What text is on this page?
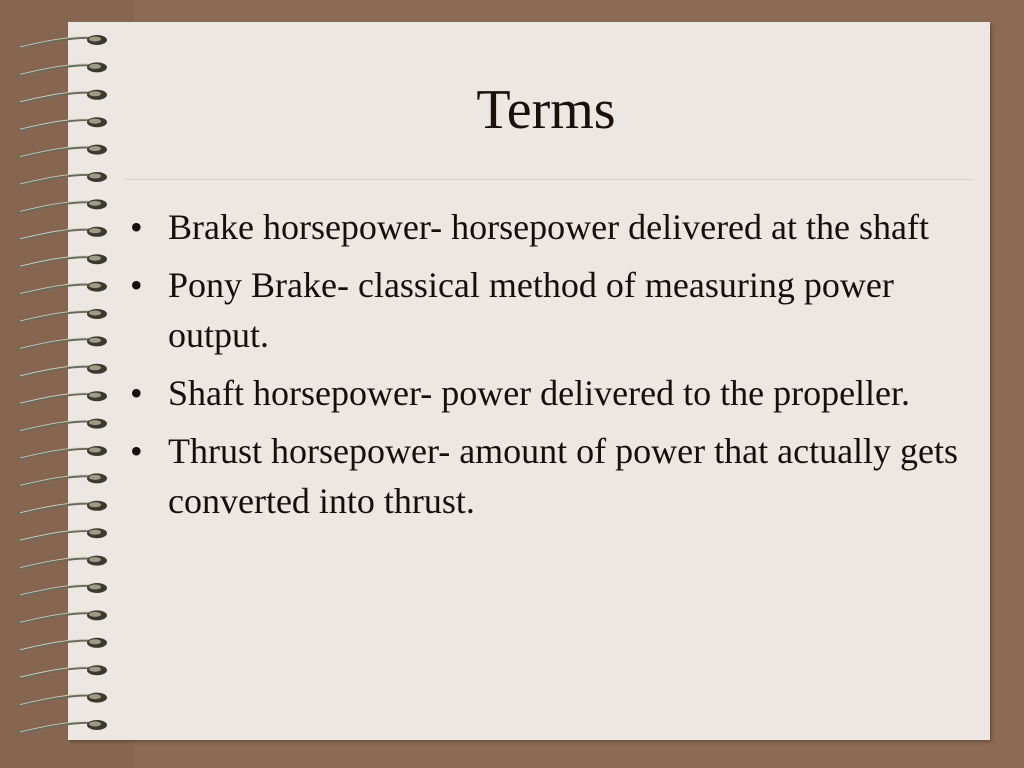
Terms
• Brake horsepower- horsepower delivered at the shaft
• Pony Brake- classical method of measuring power output.
• Shaft horsepower- power delivered to the propeller.
• Thrust horsepower- amount of power that actually gets converted into thrust.
